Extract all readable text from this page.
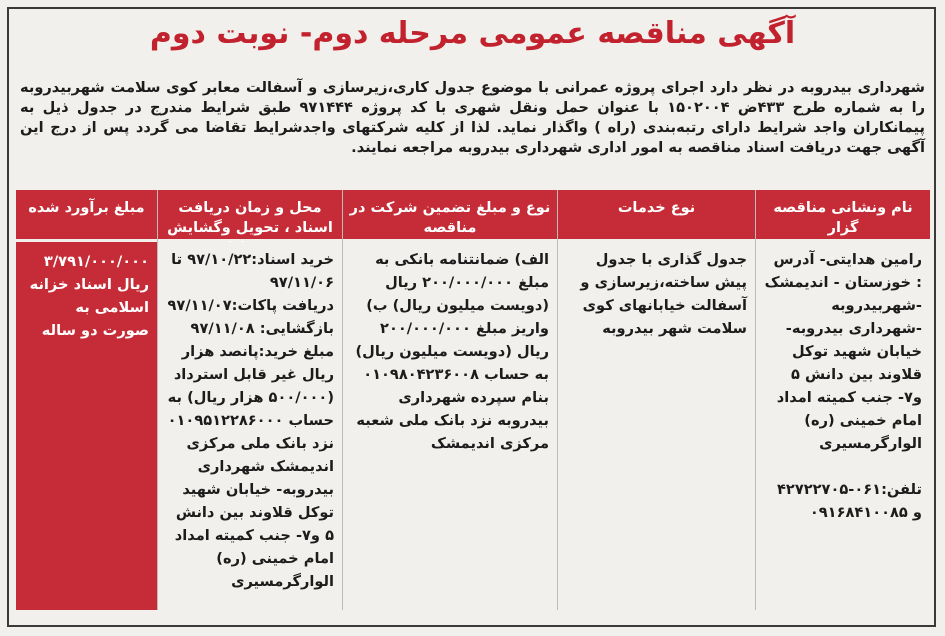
آگهی مناقصه عمومی مرحله دوم- نوبت دوم
شهرداری بیدروبه در نظر دارد اجرای پروژه عمرانی با موضوع جدول کاری،زیرسازی و آسفالت معابر کوی سلامت شهربیدروبه را به شماره طرح ۴۳۳ض ۱۵۰۲۰۰۴ با عنوان حمل ونقل شهری با کد پروژه ۹۷۱۴۴۴ طبق شرایط مندرج در جدول ذیل به پیمانکاران واجد شرایط دارای رتبه‌بندی (راه ) واگذار نماید. لذا از کلیه شرکتهای واجدشرایط تقاضا می گردد پس از درج این آگهی جهت دریافت اسناد مناقصه به امور اداری شهرداری بیدروبه مراجعه نمایند.
نام ونشانی مناقصه گزار
رامین هدایتی- آدرس : خوزستان - اندیمشک -شهربیدروبه -شهرداری بیدروبه- خیابان شهید توکل قلاوند بین دانش ۵ و۷- جنب کمیته امداد امام خمینی (ره) الوارگرمسیری

تلفن:۰۶۱-۴۲۷۲۲۷۰۵ و ۰۹۱۶۸۴۱۰۰۸۵
نوع خدمات
جدول گذاری با جدول پیش ساخته،زیرسازی و آسفالت خیابانهای کوی سلامت شهر بیدروبه
نوع و مبلغ تضمین شرکت در مناقصه
الف) ضمانتنامه بانکی به مبلغ ۲۰۰/۰۰۰/۰۰۰ ریال (دویست میلیون ریال) ب) واریز مبلغ ۲۰۰/۰۰۰/۰۰۰ ریال (دویست میلیون ریال) به حساب ۰۱۰۹۸۰۴۲۳۶۰۰۸ بنام سپرده شهرداری بیدروبه نزد بانک ملی شعبه مرکزی اندیمشک
محل و زمان دریافت اسناد ، تحویل وگشایش
خرید اسناد:۹۷/۱۰/۲۲ تا ۹۷/۱۱/۰۶
دریافت پاکات:۹۷/۱۱/۰۷
بازگشایی: ۹۷/۱۱/۰۸
مبلغ خرید:پانصد هزار ریال غیر قابل استرداد (۵۰۰/۰۰۰ هزار ریال) به حساب ۰۱۰۹۵۱۲۲۸۶۰۰۰ نزد بانک ملی مرکزی اندیمشک شهرداری بیدروبه- خیابان شهید توکل قلاوند بین دانش ۵ و۷- جنب کمیته امداد امام خمینی (ره) الوارگرمسیری
مبلغ برآورد شده
۳/۷۹۱/۰۰۰/۰۰۰ ریال اسناد خزانه اسلامی به صورت دو ساله
